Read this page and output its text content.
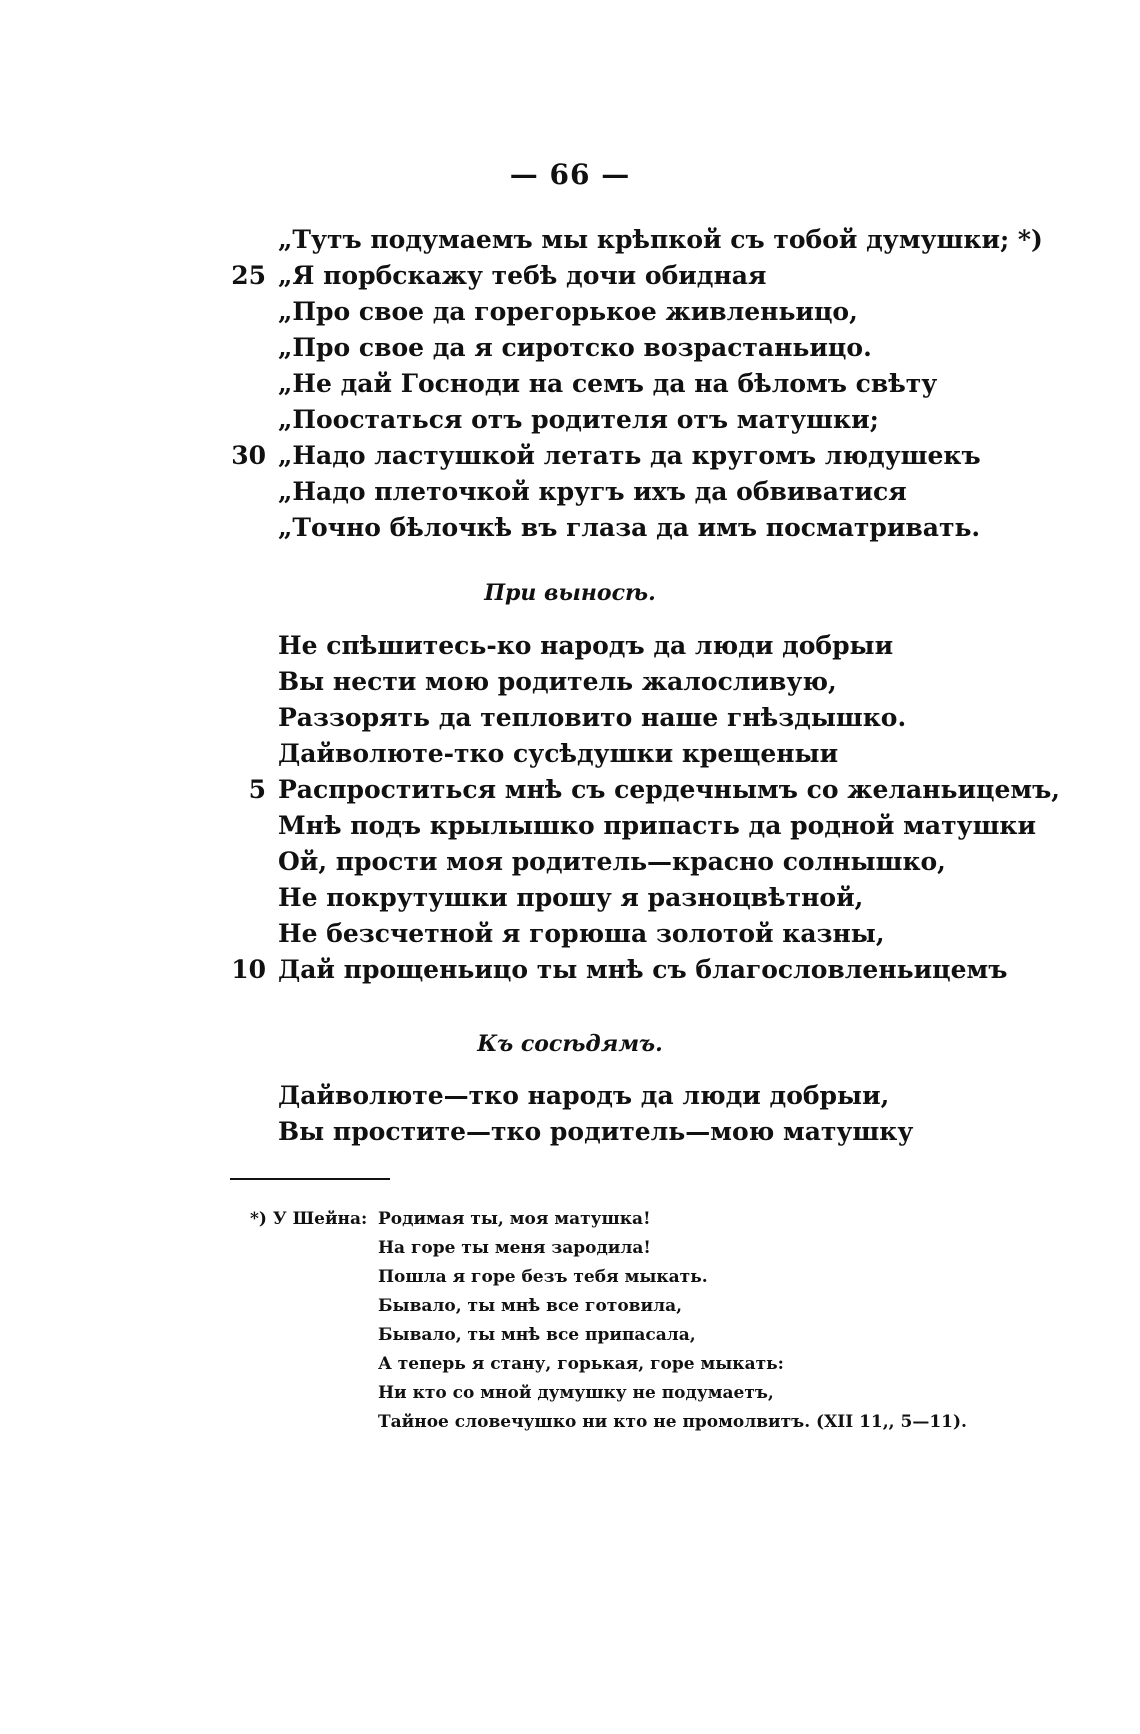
— 66 —
„Тутъ подумаемъ мы крѣпкой съ тобой думушки; *)
25 „Я порбскажу тебѣ дочи обидная
„Про свое да горегорькое живленьицо,
„Про свое да я сиротско возрастаньицо.
„Не дай Госноди на семъ да на бѣломъ свѣту
„Поостаться отъ родителя отъ матушки;
30 „Надо ластушкой летать да кругомъ людушекъ
„Надо плеточкой кругъ ихъ да обвиватися
„Точно бѣлочкѣ въ глаза да имъ посматривать.
При выносѣ.
Не спѣшитесь-ко народъ да люди добрыи
Вы нести мою родитель жалосливую,
Раззорять да тепловито наше гнѣздышко.
Дайволюте-тко сусѣдушки крещеныи
5 Распроститься мнѣ съ сердечнымъ со желаньицемъ,
Мнѣ подъ крылышко припасть да родной матушки
Ой, прости моя родитель—красно солнышко,
Не покрутушки прошу я разноцвѣтной,
Не безсчетной я горюша золотой казны,
10 Дай прощеньицо ты мнѣ съ благословленьицемъ
Къ сосѣдямъ.
Дайволюте—тко народъ да люди добрыи,
Вы простите—тко родитель—мою матушку
*) У Шейна: Родимая ты, моя матушка!
На горе ты меня зародила!
Пошла я горе безъ тебя мыкать.
Бывало, ты мнѣ все готовила,
Бывало, ты мнѣ все припасала,
А теперь я стану, горькая, горе мыкать:
Ни кто со мной думушку не подумаетъ,
Тайное словечушко ни кто не промолвитъ. (XII 11,, 5—11).
